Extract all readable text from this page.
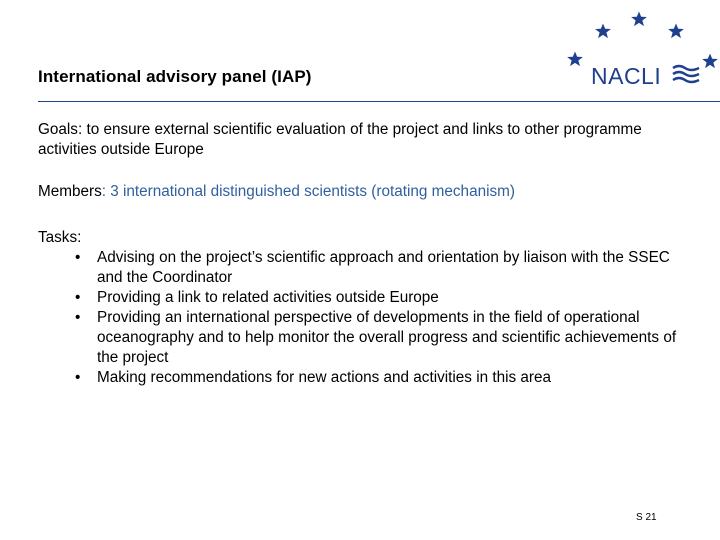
International advisory panel (IAP)	NACLI
Goals: to ensure external scientific evaluation of the project and links to other programme activities outside Europe
Members: 3 international distinguished scientists (rotating mechanism)
Tasks:
• Advising on the project’s scientific approach and orientation by liaison with the SSEC and the Coordinator
• Providing a link to related activities outside Europe
• Providing an international perspective of developments in the field of operational oceanography and to help monitor the overall progress and scientific achievements of the project
• Making recommendations for new actions and activities in this area
S 21
